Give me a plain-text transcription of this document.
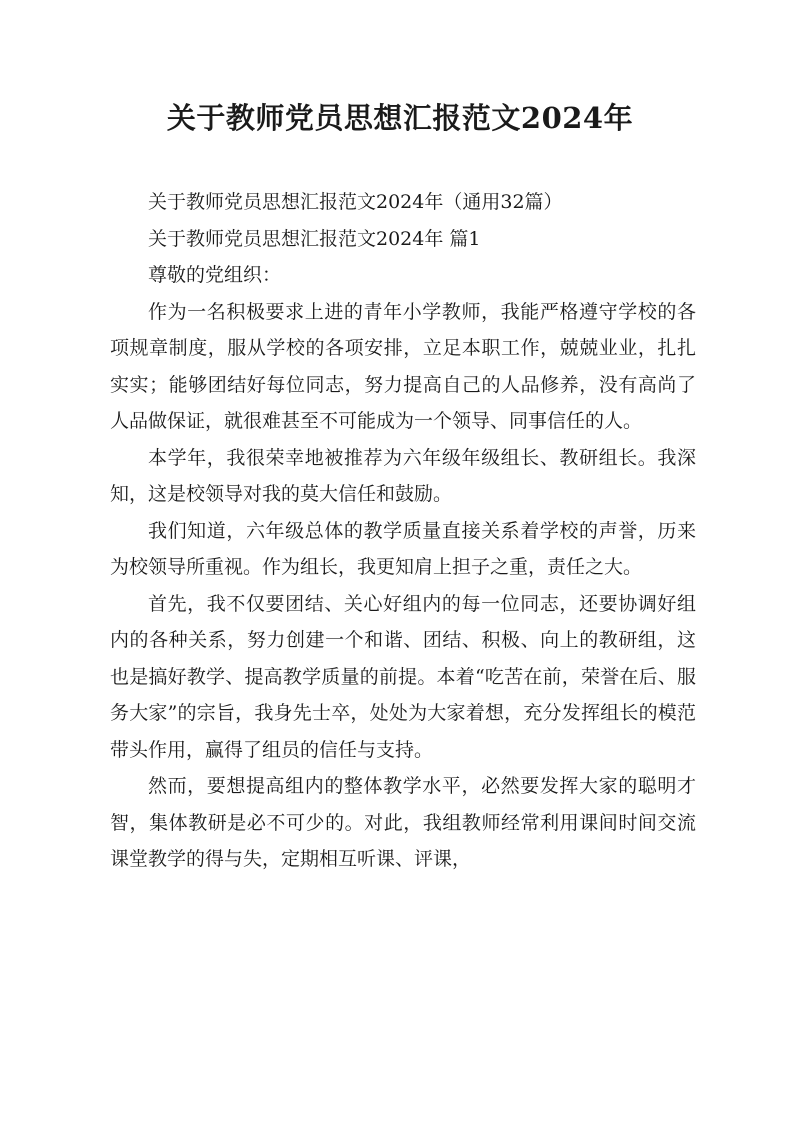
关于教师党员思想汇报范文2024年

关于教师党员思想汇报范文2024年（通用32篇）

关于教师党员思想汇报范文2024年 篇1

尊敬的党组织：

作为一名积极要求上进的青年小学教师，我能严格遵守学校的各项规章制度，服从学校的各项安排，立足本职工作，兢兢业业，扎扎实实；能够团结好每位同志，努力提高自己的人品修养，没有高尚了人品做保证，就很难甚至不可能成为一个领导、同事信任的人。

本学年，我很荣幸地被推荐为六年级年级组长、教研组长。我深知，这是校领导对我的莫大信任和鼓励。

我们知道，六年级总体的教学质量直接关系着学校的声誉，历来为校领导所重视。作为组长，我更知肩上担子之重，责任之大。

首先，我不仅要团结、关心好组内的每一位同志，还要协调好组内的各种关系，努力创建一个和谐、团结、积极、向上的教研组，这也是搞好教学、提高教学质量的前提。本着“吃苦在前，荣誉在后、服务大家”的宗旨，我身先士卒，处处为大家着想，充分发挥组长的模范带头作用，赢得了组员的信任与支持。

然而，要想提高组内的整体教学水平，必然要发挥大家的聪明才智，集体教研是必不可少的。对此，我组教师经常利用课间时间交流课堂教学的得与失，定期相互听课、评课，
